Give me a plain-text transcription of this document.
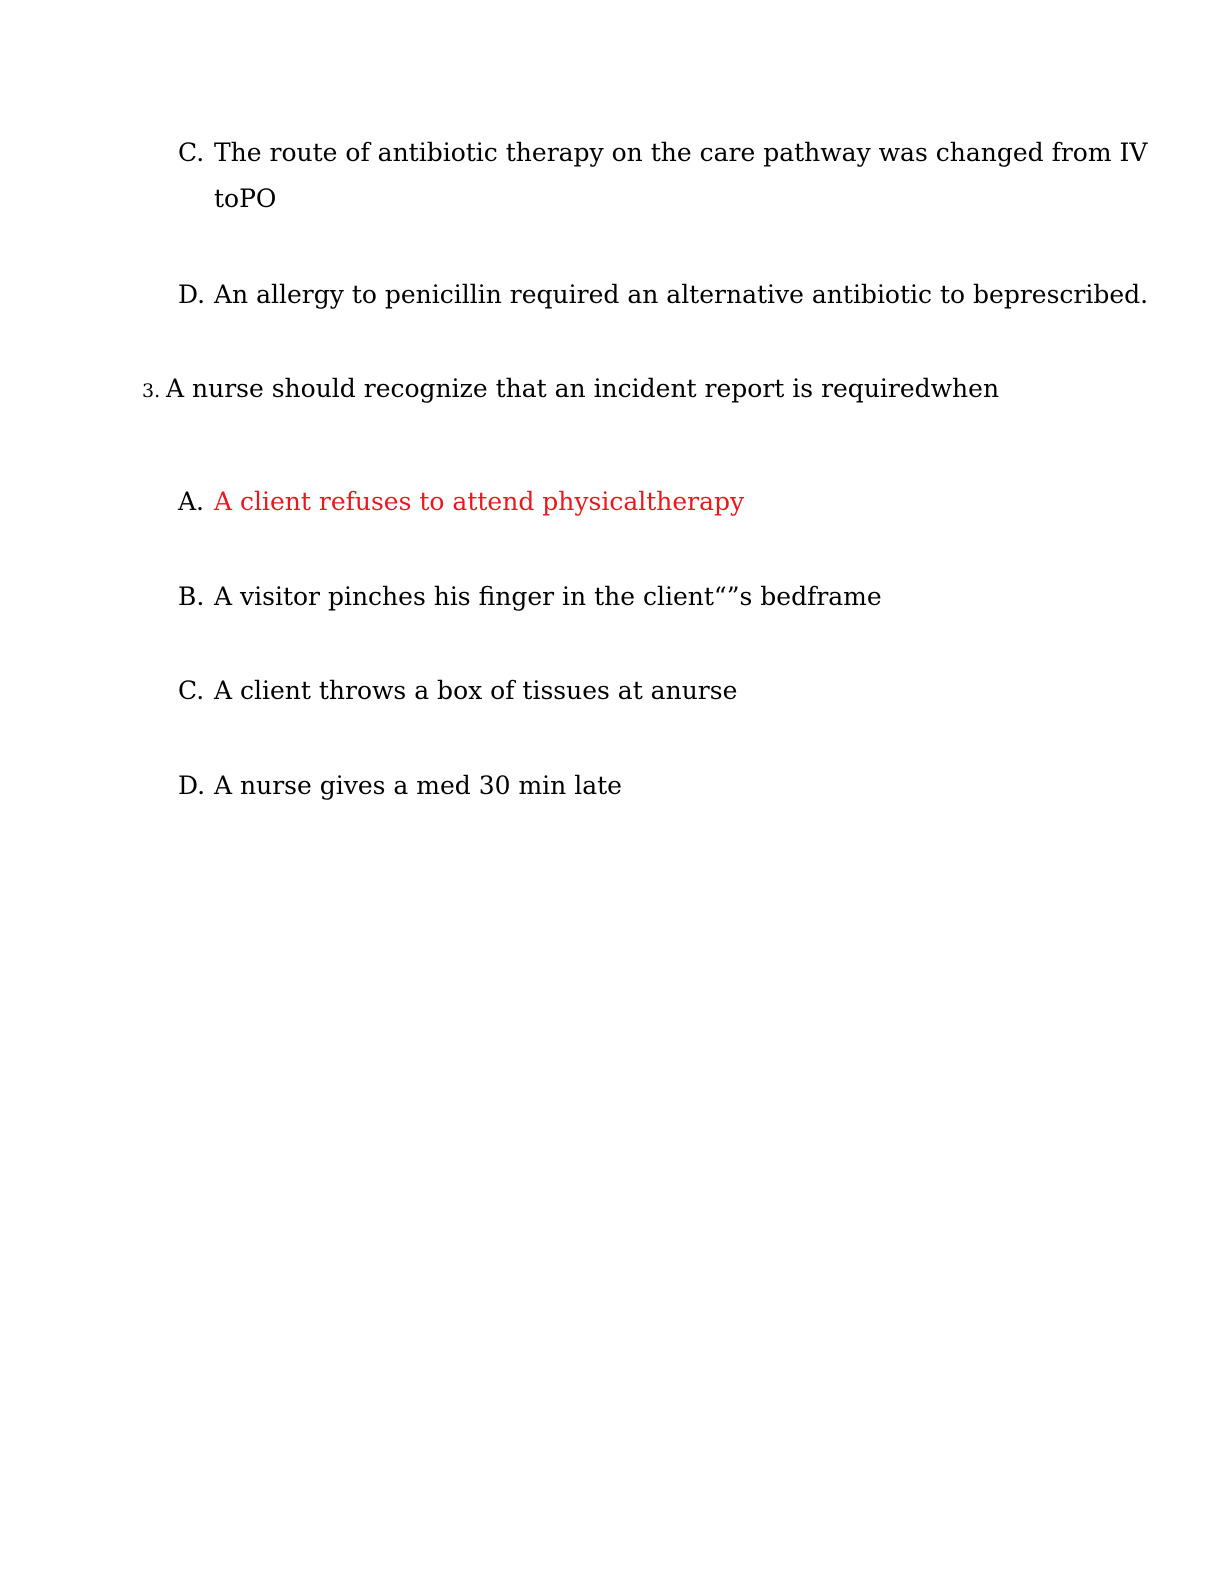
C. The route of antibiotic therapy on the care pathway was changed from IV
toPO
D. An allergy to penicillin required an alternative antibiotic to beprescribed.
3. A nurse should recognize that an incident report is requiredwhen
A. A client refuses to attend physicaltherapy
B. A visitor pinches his finger in the client“”s bedframe
C. A client throws a box of tissues at anurse
D. A nurse gives a med 30 min late
